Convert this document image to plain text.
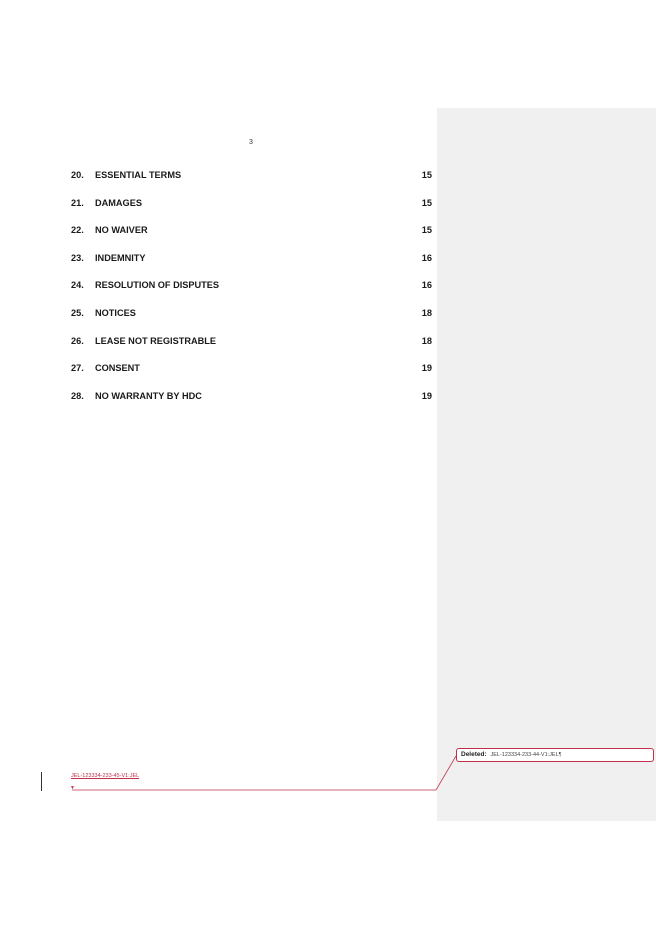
3
20. ESSENTIAL TERMS	15
21. DAMAGES	15
22. NO WAIVER	15
23. INDEMNITY	16
24. RESOLUTION OF DISPUTES	16
25. NOTICES	18
26. LEASE NOT REGISTRABLE	18
27. CONSENT	19
28. NO WARRANTY BY HDC	19
JEL-123334-233-45-V1:JEL
▼
Deleted: JEL-123334-233-44-V1:JEL¶
